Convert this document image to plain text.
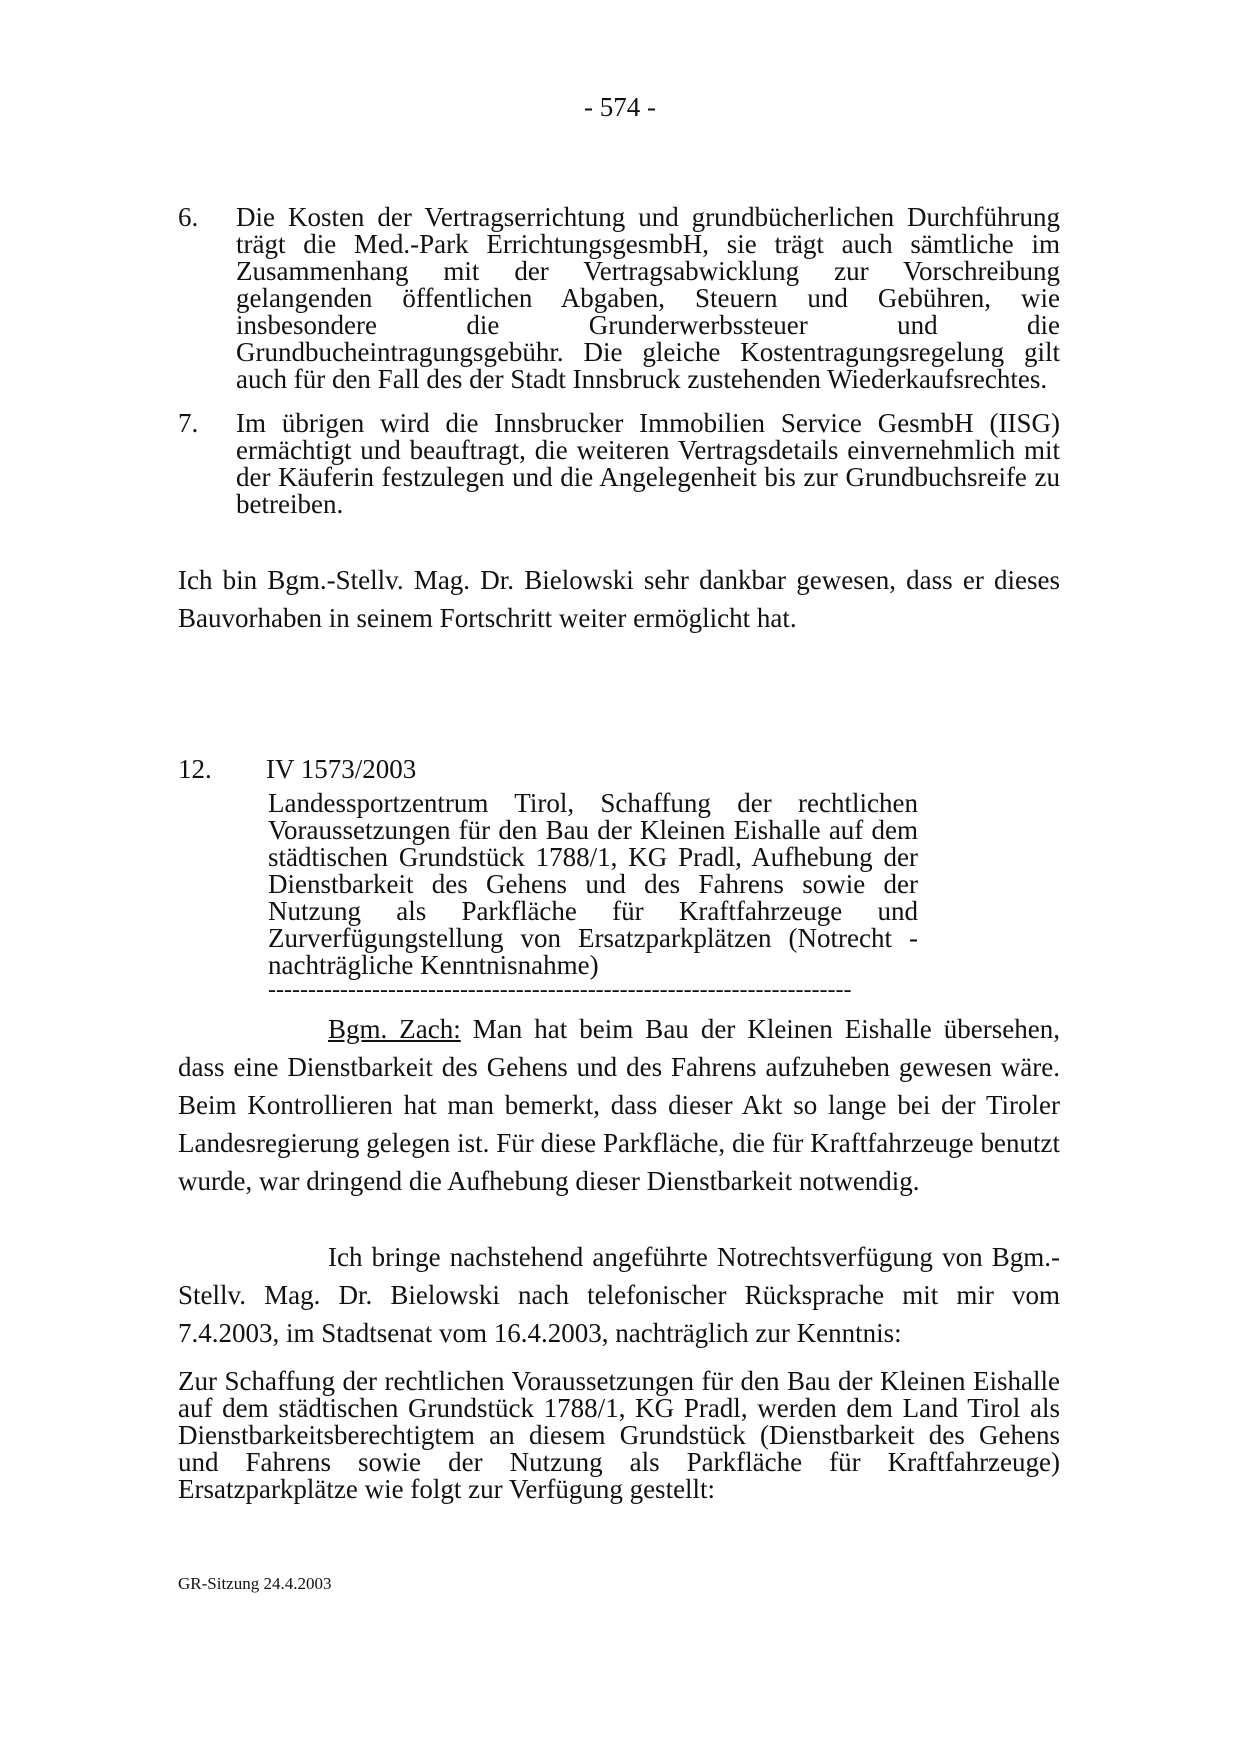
- 574 -
6. Die Kosten der Vertragserrichtung und grundbücherlichen Durchführung trägt die Med.-Park ErrichtungsgesmbH, sie trägt auch sämtliche im Zusammenhang mit der Vertragsabwicklung zur Vorschreibung gelangenden öffentlichen Abgaben, Steuern und Gebühren, wie insbesondere die Grunderwerbssteuer und die Grundbucheintragungsgebühr. Die gleiche Kostentragungsregelung gilt auch für den Fall des der Stadt Innsbruck zustehenden Wiederkaufsrechtes.
7. Im übrigen wird die Innsbrucker Immobilien Service GesmbH (IISG) ermächtigt und beauftragt, die weiteren Vertragsdetails einvernehmlich mit der Käuferin festzulegen und die Angelegenheit bis zur Grundbuchsreife zu betreiben.
Ich bin Bgm.-Stellv. Mag. Dr. Bielowski sehr dankbar gewesen, dass er dieses Bauvorhaben in seinem Fortschritt weiter ermöglicht hat.
12. IV 1573/2003
Landessportzentrum Tirol, Schaffung der rechtlichen Voraussetzungen für den Bau der Kleinen Eishalle auf dem städtischen Grundstück 1788/1, KG Pradl, Aufhebung der Dienstbarkeit des Gehens und des Fahrens sowie der Nutzung als Parkfläche für Kraftfahrzeuge und Zurverfügungstellung von Ersatzparkplätzen (Notrecht - nachträgliche Kenntnisnahme)
-------------------------------------------------------------------------
Bgm. Zach: Man hat beim Bau der Kleinen Eishalle übersehen, dass eine Dienstbarkeit des Gehens und des Fahrens aufzuheben gewesen wäre. Beim Kontrollieren hat man bemerkt, dass dieser Akt so lange bei der Tiroler Landesregierung gelegen ist. Für diese Parkfläche, die für Kraftfahrzeuge benutzt wurde, war dringend die Aufhebung dieser Dienstbarkeit notwendig.
Ich bringe nachstehend angeführte Notrechtsverfügung von Bgm.-Stellv. Mag. Dr. Bielowski nach telefonischer Rücksprache mit mir vom 7.4.2003, im Stadtsenat vom 16.4.2003, nachträglich zur Kenntnis:
Zur Schaffung der rechtlichen Voraussetzungen für den Bau der Kleinen Eishalle auf dem städtischen Grundstück 1788/1, KG Pradl, werden dem Land Tirol als Dienstbarkeitsberechtigtem an diesem Grundstück (Dienstbarkeit des Gehens und Fahrens sowie der Nutzung als Parkfläche für Kraftfahrzeuge) Ersatzparkplätze wie folgt zur Verfügung gestellt:
GR-Sitzung 24.4.2003
